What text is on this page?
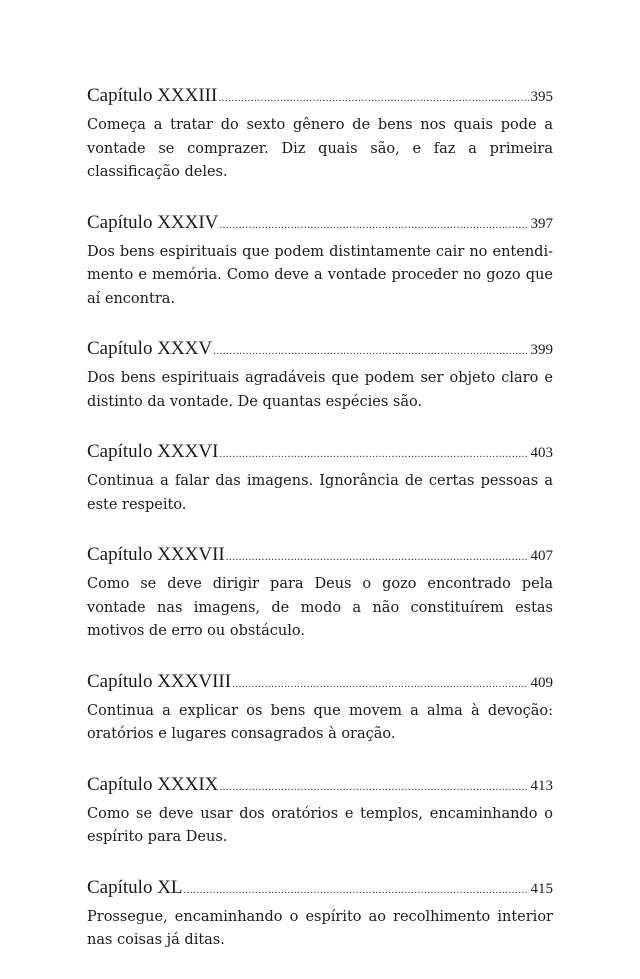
Capítulo XXXIII .....	395
Começa a tratar do sexto gênero de bens nos quais pode a vontade se comprazer. Diz quais são, e faz a primeira classificação deles.
Capítulo XXXIV .....	397
Dos bens espirituais que podem distintamente cair no entendimento e memória. Como deve a vontade proceder no gozo que aí encontra.
Capítulo XXXV .....	399
Dos bens espirituais agradáveis que podem ser objeto claro e distinto da vontade. De quantas espécies são.
Capítulo XXXVI .....	403
Continua a falar das imagens. Ignorância de certas pessoas a este respeito.
Capítulo XXXVII .....	407
Como se deve dirigir para Deus o gozo encontrado pela vontade nas imagens, de modo a não constituírem estas motivos de erro ou obstáculo.
Capítulo XXXVIII .....	409
Continua a explicar os bens que movem a alma à devoção: oratórios e lugares consagrados à oração.
Capítulo XXXIX .....	413
Como se deve usar dos oratórios e templos, encaminhando o espírito para Deus.
Capítulo XL .....	415
Prossegue, encaminhando o espírito ao recolhimento interior nas coisas já ditas.
